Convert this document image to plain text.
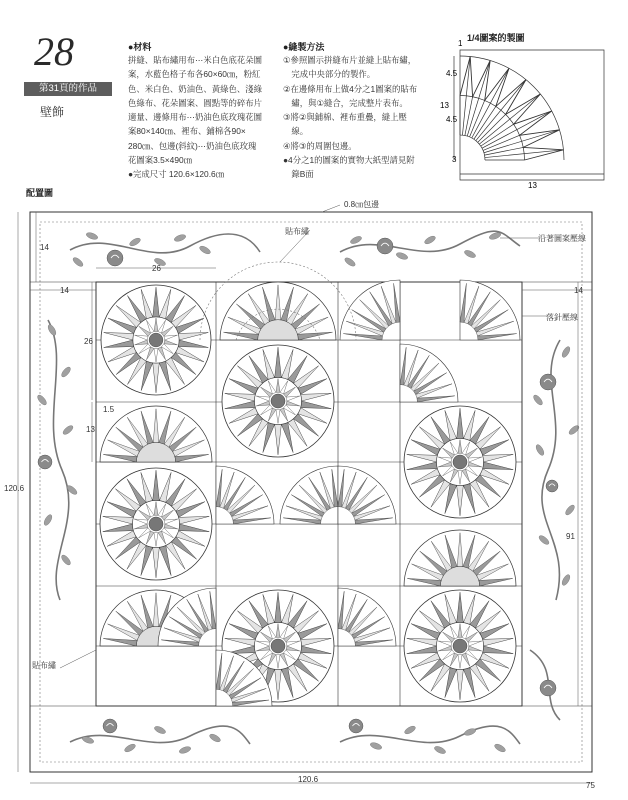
28
第31頁的作品
壁飾
●材料
拼縫、貼布繡用布⋯米白色底花朵圖
案，水藍色格子布各60×60㎝，粉紅
色、米白色、奶油色、黃綠色、淺綠
色綠布、花朵圖案、圓點等的碎布片
適量、邊條用布⋯奶油色底玫瑰花圖
案80×140㎝、裡布、鋪棉各90×
280㎝、包邊(斜紋)⋯奶油色底玫瑰
花圖案3.5×490㎝
●完成尺寸 120.6×120.6㎝
●縫製方法
①參照圖示拼縫布片並縫上貼布繡，
　完成中央部分的製作。
②在邊條用布上做4分之1圖案的貼布
　繡，與①縫合，完成整片表布。
③將②與鋪棉、裡布重疊，縫上壓
　線。
④將③的周圍包邊。
●4分之1的圖案的實物大紙型請見附
　錄B面
1/4圖案的製圖
1
4.5
13
4.5
3
13
配置圖
0.8㎝包邊
貼布繡
沿著圖案壓線
落針壓線
貼布繡
14
26
14	14
26
1.5
13
120.6
91
120.6
75
